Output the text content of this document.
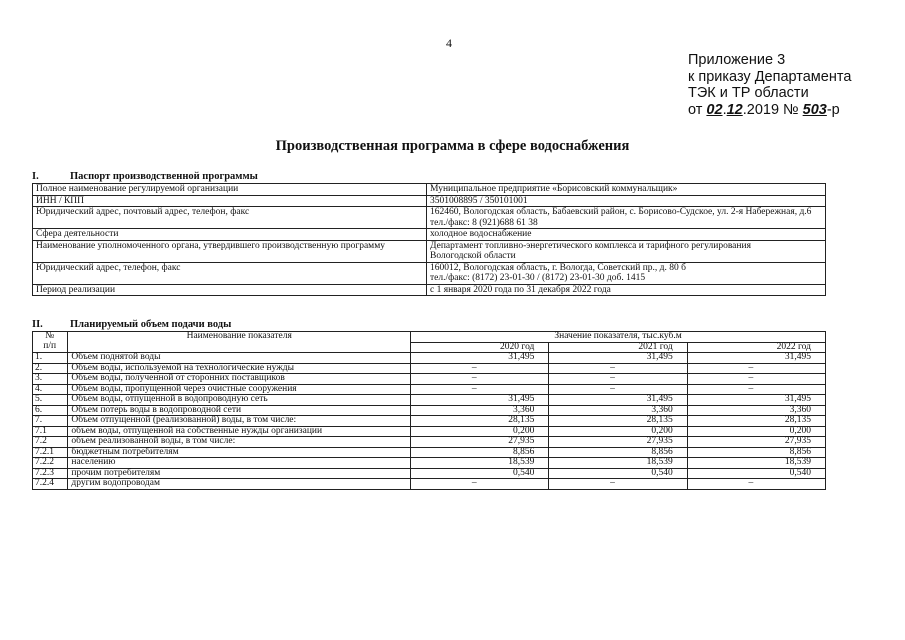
4
Приложение 3
к приказу Департамента
ТЭК и ТР области
от 02.12.2019 № 503-р
Производственная программа в сфере водоснабжения
I.	Паспорт производственной программы
Полное наименование регулируемой организации	Муниципальное предприятие «Борисовский коммунальщик»

ИНН / КПП	3501008895 / 350101001

Юридический адрес, почтовый адрес, телефон, факс	162460, Вологодская область, Бабаевский район, с. Борисово-Судское, ул. 2-я Набережная, д.6
тел./факс: 8 (921)688 61 38

Сфера деятельности	холодное водоснабжение

Наименование уполномоченного органа, утвердившего производственную программу	Департамент топливно-энергетического комплекса и тарифного регулирования
Вологодской области

Юридический адрес, телефон, факс	160012, Вологодская область, г. Вологда, Советский пр., д. 80 б
тел./факс: (8172) 23-01-30 / (8172) 23-01-30 доб. 1415

Период реализации	с 1 января 2020 года по 31 декабря 2022 года
II.	Планируемый объем подачи воды
№
п/п	Наименование показателя	Значение показателя, тыс.куб.м		
		2020 год	2021 год	2022 год
1.	Объем поднятой воды	31,495	31,495	31,495
2.	Объем воды, используемой на технологические нужды	–	–	–
3.	Объем воды, полученной от сторонних поставщиков	–	–	–
4.	Объем воды, пропущенной через очистные сооружения	–	–	–
5.	Объем воды, отпущенной в водопроводную сеть	31,495	31,495	31,495
6.	Объем потерь воды в водопроводной сети	3,360	3,360	3,360
7.	Объем отпущенной (реализованной) воды, в том числе:	28,135	28,135	28,135
7.1	объем воды, отпущенной на собственные нужды организации	0,200	0,200	0,200
7.2	объем реализованной воды, в том числе:	27,935	27,935	27,935
7.2.1	бюджетным потребителям	8,856	8,856	8,856
7.2.2	населению	18,539	18,539	18,539
7.2.3	прочим потребителям	0,540	0,540	0,540
7.2.4	другим водопроводам	–	–	–
